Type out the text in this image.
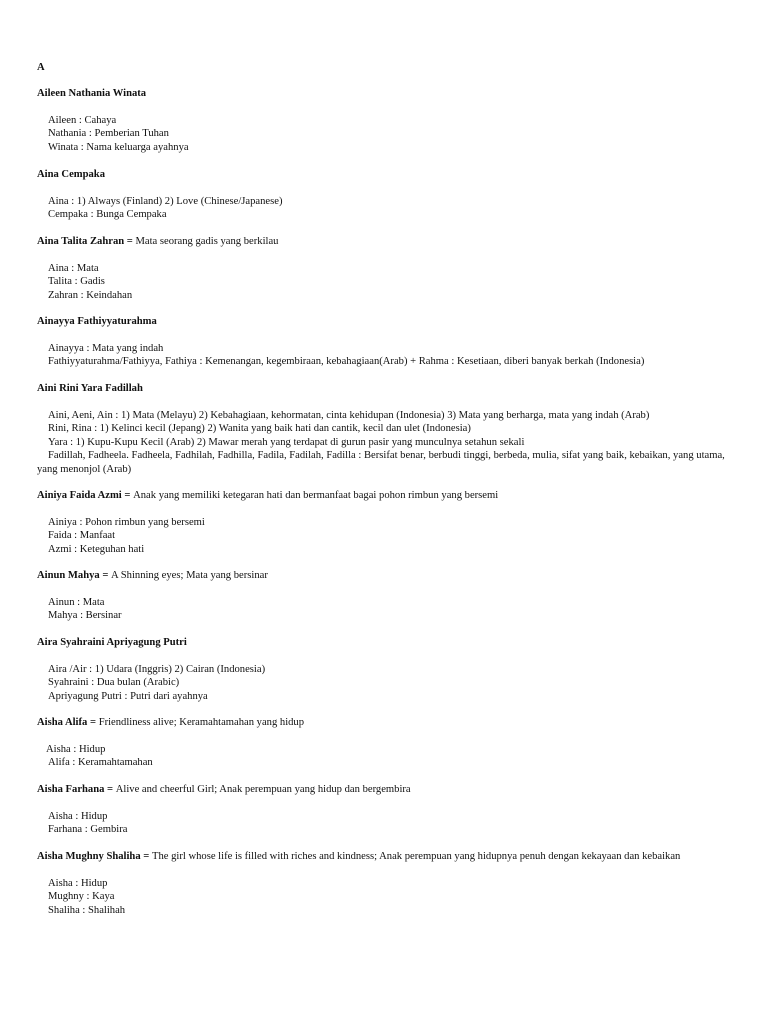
A
Aileen Nathania Winata
Aileen : Cahaya
Nathania : Pemberian Tuhan
Winata : Nama keluarga ayahnya
Aina Cempaka
Aina : 1) Always (Finland) 2) Love (Chinese/Japanese)
Cempaka : Bunga Cempaka
Aina Talita Zahran = Mata seorang gadis yang berkilau
Aina : Mata
Talita : Gadis
Zahran : Keindahan
Ainayya Fathiyyaturahma
Ainayya : Mata yang indah
Fathiyyaturahma/Fathiyya, Fathiya : Kemenangan, kegembiraan, kebahagiaan(Arab) + Rahma : Kesetiaan, diberi banyak berkah (Indonesia)
Aini Rini Yara Fadillah
Aini, Aeni, Ain : 1) Mata (Melayu) 2) Kebahagiaan, kehormatan, cinta kehidupan (Indonesia) 3) Mata yang berharga, mata yang indah (Arab)
Rini, Rina : 1) Kelinci kecil (Jepang) 2) Wanita yang baik hati dan cantik, kecil dan ulet (Indonesia)
Yara : 1) Kupu-Kupu Kecil (Arab) 2) Mawar merah yang terdapat di gurun pasir yang munculnya setahun sekali
Fadillah, Fadheela. Fadheela, Fadhilah, Fadhilla, Fadila, Fadilah, Fadilla : Bersifat benar, berbudi tinggi, berbeda, mulia, sifat yang baik, kebaikan, yang utama, yang menonjol (Arab)
Ainiya Faida Azmi = Anak yang memiliki ketegaran hati dan bermanfaat bagai pohon rimbun yang bersemi
Ainiya : Pohon rimbun yang bersemi
Faida : Manfaat
Azmi : Keteguhan hati
Ainun Mahya = A Shinning eyes; Mata yang bersinar
Ainun : Mata
Mahya : Bersinar
Aira Syahraini Apriyagung Putri
Aira /Air : 1) Udara (Inggris) 2) Cairan (Indonesia)
Syahraini : Dua bulan (Arabic)
Apriyagung Putri : Putri dari ayahnya
Aisha Alifa = Friendliness alive; Keramahtamahan yang hidup
Aisha : Hidup
Alifa : Keramahtamahan
Aisha Farhana = Alive and cheerful Girl; Anak perempuan yang hidup dan bergembira
Aisha : Hidup
Farhana : Gembira
Aisha Mughny Shaliha = The girl whose life is filled with riches and kindness; Anak perempuan yang hidupnya penuh dengan kekayaan dan kebaikan
Aisha : Hidup
Mughny : Kaya
Shaliha : Shalihah
